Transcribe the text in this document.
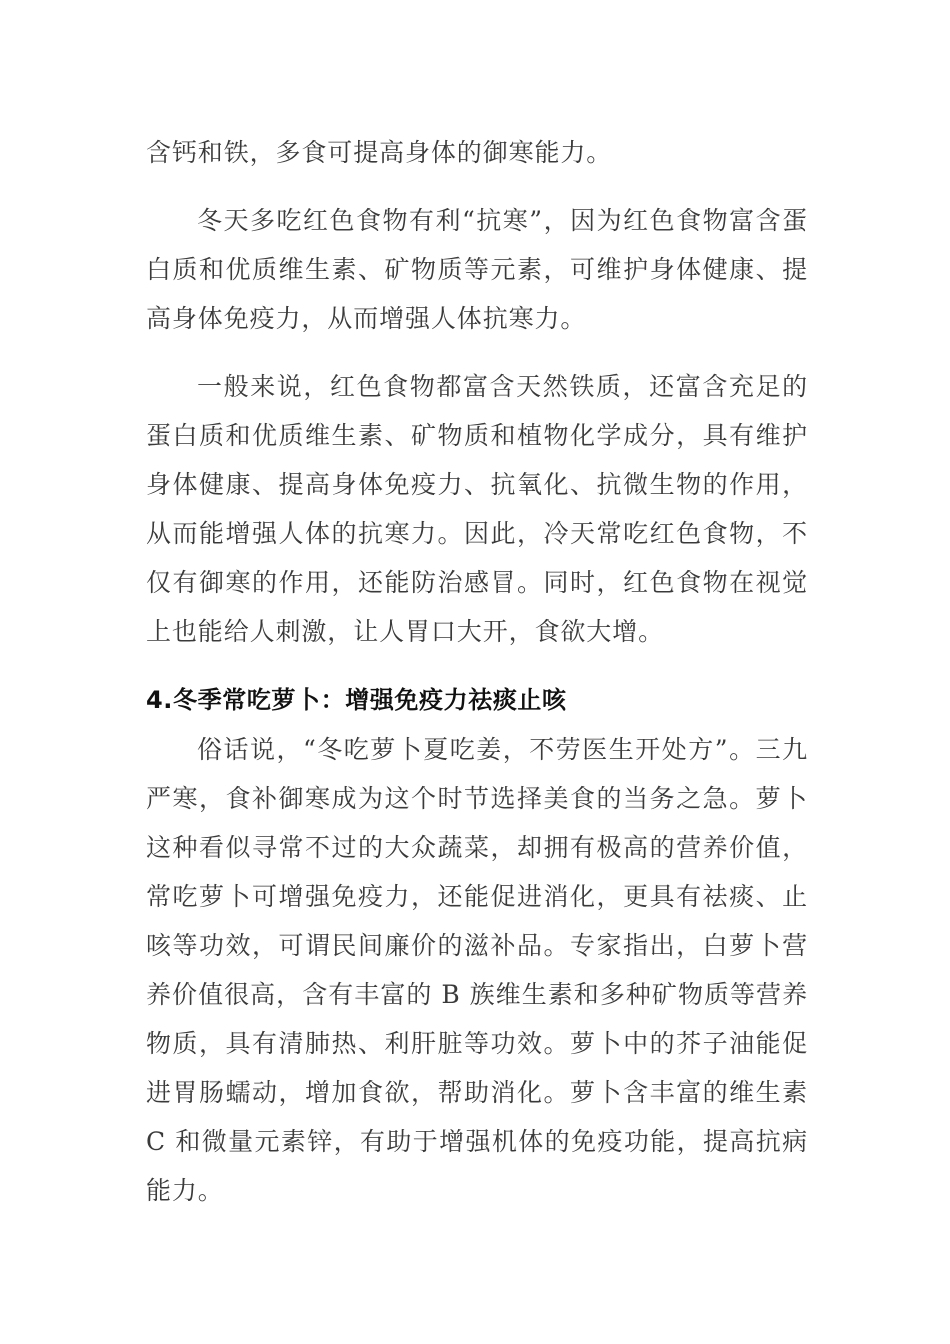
含钙和铁，多食可提高身体的御寒能力。

冬天多吃红色食物有利“抗寒”，因为红色食物富含蛋白质和优质维生素、矿物质等元素，可维护身体健康、提高身体免疫力，从而增强人体抗寒力。

一般来说，红色食物都富含天然铁质，还富含充足的蛋白质和优质维生素、矿物质和植物化学成分，具有维护身体健康、提高身体免疫力、抗氧化、抗微生物的作用，从而能增强人体的抗寒力。因此，冷天常吃红色食物，不仅有御寒的作用，还能防治感冒。同时，红色食物在视觉上也能给人刺激，让人胃口大开，食欲大增。

4.冬季常吃萝卜：增强免疫力祛痰止咳

俗话说，“冬吃萝卜夏吃姜，不劳医生开处方”。三九严寒，食补御寒成为这个时节选择美食的当务之急。萝卜这种看似寻常不过的大众蔬菜，却拥有极高的营养价值，常吃萝卜可增强免疫力，还能促进消化，更具有祛痰、止咳等功效，可谓民间廉价的滋补品。专家指出，白萝卜营养价值很高，含有丰富的 B 族维生素和多种矿物质等营养物质，具有清肺热、利肝脏等功效。萝卜中的芥子油能促进胃肠蠕动，增加食欲，帮助消化。萝卜含丰富的维生素 C 和微量元素锌，有助于增强机体的免疫功能，提高抗病能力。
